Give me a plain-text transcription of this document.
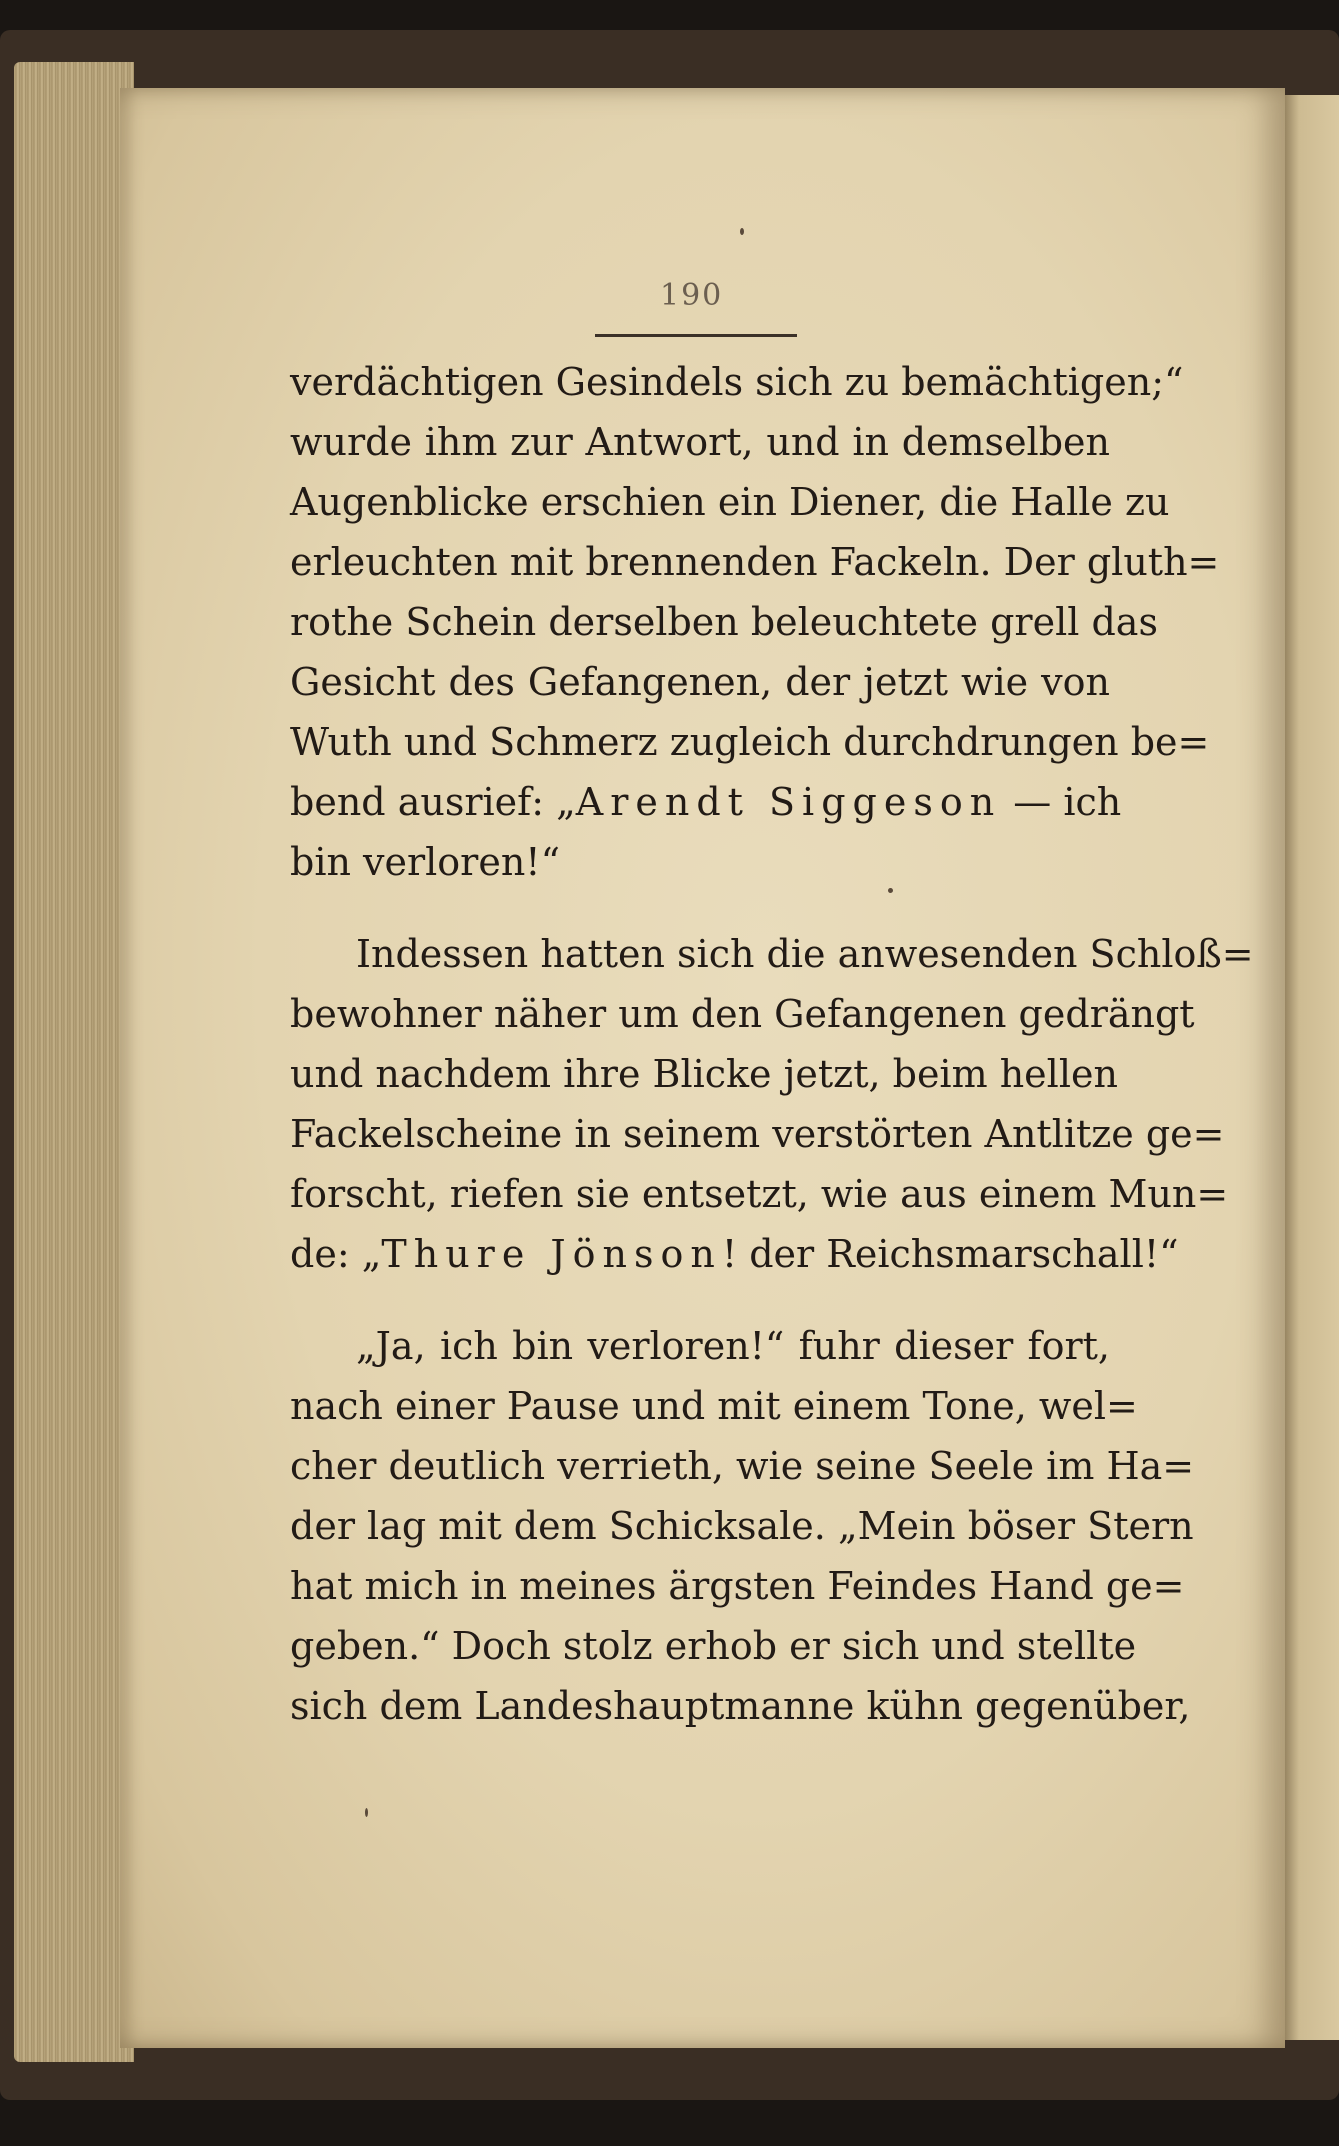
190
verdächtigen Gesindels sich zu bemächtigen;“
wurde ihm zur Antwort, und in demselben
Augenblicke erschien ein Diener, die Halle zu
erleuchten mit brennenden Fackeln. Der gluth=
rothe Schein derselben beleuchtete grell das
Gesicht des Gefangenen, der jetzt wie von
Wuth und Schmerz zugleich durchdrungen be=
bend ausrief: „Arendt Siggeson — ich
bin verloren!“
Indessen hatten sich die anwesenden Schloß=
bewohner näher um den Gefangenen gedrängt
und nachdem ihre Blicke jetzt, beim hellen
Fackelscheine in seinem verstörten Antlitze ge=
forscht, riefen sie entsetzt, wie aus einem Mun=
de: „Thure Jönson! der Reichsmarschall!“
„Ja, ich bin verloren!“ fuhr dieser fort,
nach einer Pause und mit einem Tone, wel=
cher deutlich verrieth, wie seine Seele im Ha=
der lag mit dem Schicksale. „Mein böser Stern
hat mich in meines ärgsten Feindes Hand ge=
geben.“ Doch stolz erhob er sich und stellte
sich dem Landeshauptmanne kühn gegenüber,
